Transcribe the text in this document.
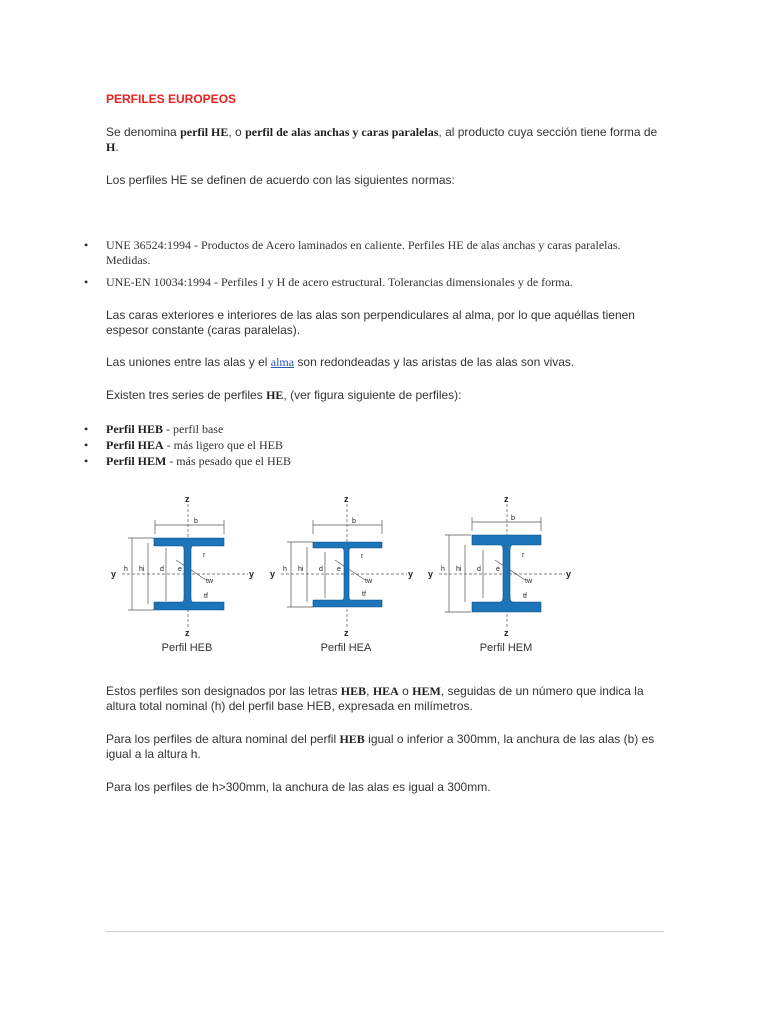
PERFILES EUROPEOS

Se denomina perfil HE, o perfil de alas anchas y caras paralelas, al producto cuya sección tiene forma de H.

Los perfiles HE se definen de acuerdo con las siguientes normas:

• UNE 36524:1994 - Productos de Acero laminados en caliente. Perfiles HE de alas anchas y caras paralelas. Medidas.
• UNE-EN 10034:1994 - Perfiles I y H de acero estructural. Tolerancias dimensionales y de forma.

Las caras exteriores e interiores de las alas son perpendiculares al alma, por lo que aquéllas tienen espesor constante (caras paralelas).

Las uniones entre las alas y el alma son redondeadas y las aristas de las alas son vivas.

Existen tres series de perfiles HE, (ver figura siguiente de perfiles):

• Perfil HEB - perfil base
• Perfil HEA - más ligero que el HEB
• Perfil HEM - más pesado que el HEB
z
z
y	y
b
h hi d e
r
tw
tf
Perfil HEB
z
z
y	y
b
h hi d e
r
tw
tf
Perfil HEA
z
z
y	y
b
h hi d e
r
tw
tf
Perfil HEM

Estos perfiles son designados por las letras HEB, HEA o HEM, seguidas de un número que indica la altura total nominal (h) del perfil base HEB, expresada en milímetros.

Para los perfiles de altura nominal del perfil HEB igual o inferior a 300mm, la anchura de las alas (b) es igual a la altura h.

Para los perfiles de h>300mm, la anchura de las alas es igual a 300mm.
